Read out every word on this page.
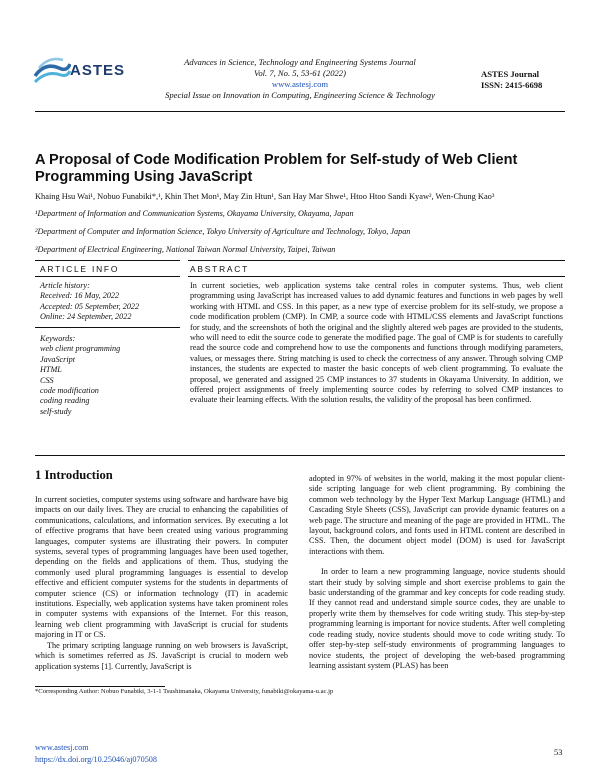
ASTES	Advances in Science, Technology and Engineering Systems Journal
Vol. 7, No. 5, 53-61 (2022)
www.astesj.com
Special Issue on Innovation in Computing, Engineering Science & Technology
ASTES Journal
ISSN: 2415-6698
A Proposal of Code Modification Problem for Self-study of Web Client Programming Using JavaScript
Khaing Hsu Wai¹, Nobuo Funabiki*,¹, Khin Thet Mon¹, May Zin Htun¹, San Hay Mar Shwe¹, Htoo Htoo Sandi Kyaw², Wen-Chung Kao³
¹Department of Information and Communication Systems, Okayama University, Okayama, Japan
²Department of Computer and Information Science, Tokyo University of Agriculture and Technology, Tokyo, Japan
³Department of Electrical Engineering, National Taiwan Normal University, Taipei, Taiwan
ARTICLE INFO	ABSTRACT
Article history:
Received: 16 May, 2022
Accepted: 05 September, 2022
Online: 24 September, 2022
Keywords:
web client programming
JavaScript
HTML
CSS
code modification
coding reading
self-study
In current societies, web application systems take central roles in computer systems. Thus, web client programming using JavaScript has increased values to add dynamic features and functions in web pages by well working with HTML and CSS. In this paper, as a new type of exercise problem for its self-study, we propose a code modification problem (CMP). In CMP, a source code with HTML/CSS elements and JavaScript functions for study, and the screenshots of both the original and the slightly altered web pages are provided to the students, who will need to edit the source code to generate the modified page. The goal of CMP is for students to carefully read the source code and comprehend how to use the components and functions through modifying parameters, values, or messages there. String matching is used to check the correctness of any answer. Through solving CMP instances, the students are expected to master the basic concepts of web client programming. To evaluate the proposal, we generated and assigned 25 CMP instances to 37 students in Okayama University. In addition, we offered project assignments of freely implementing source codes by referring to solved CMP instances to evaluate their learning effects. With the solution results, the validity of the proposal has been confirmed.
1 Introduction

In current societies, computer systems using software and hardware have big impacts on our daily lives. They are crucial to enhancing the capabilities of communications, calculations, and information services. By executing a lot of effective programs that have been created using various programming languages, computer systems are illustrating their powers. In computer systems, several types of programming languages have been used together, depending on the fields and applications of them. Thus, studying the commonly used plural programming languages is essential to develop effective and efficient computer systems for the students in departments of computer science (CS) or information technology (IT) in academic institutions. Especially, web application systems have taken prominent roles in computer systems with expansions of the Internet. For this reason, learning web client programming with JavaScript is crucial for students majoring in IT or CS.

The primary scripting language running on web browsers is JavaScript, which is sometimes referred as JS. JavaScript is crucial to modern web application systems [1]. Currently, JavaScript is

adopted in 97% of websites in the world, making it the most popular client-side scripting language for web client programming. By combining the common web technology by the Hyper Text Markup Language (HTML) and Cascading Style Sheets (CSS), JavaScript can provide dynamic features on a web page. The structure and meaning of the page are provided in HTML. The layout, background colors, and fonts used in HTML content are described in CSS. Then, the document object model (DOM) is used for JavaScript interactions with them.

In order to learn a new programming language, novice students should start their study by solving simple and short exercise problems to gain the basic understanding of the grammar and key concepts for code reading study. If they cannot read and understand simple source codes, they are unable to properly write them by themselves for code writing study. This step-by-step programming learning is important for novice students. After well completing code reading study, novice students should move to code writing study. To offer step-by-step self-study environments of programming languages to novice students, the project of developing the web-based programming learning assistant system (PLAS) has been

*Corresponding Author: Nobuo Funabiki, 3-1-1 Tsushimanaka, Okayama University, funabiki@okayama-u.ac.jp
www.astesj.com
https://dx.doi.org/10.25046/aj070508
53
